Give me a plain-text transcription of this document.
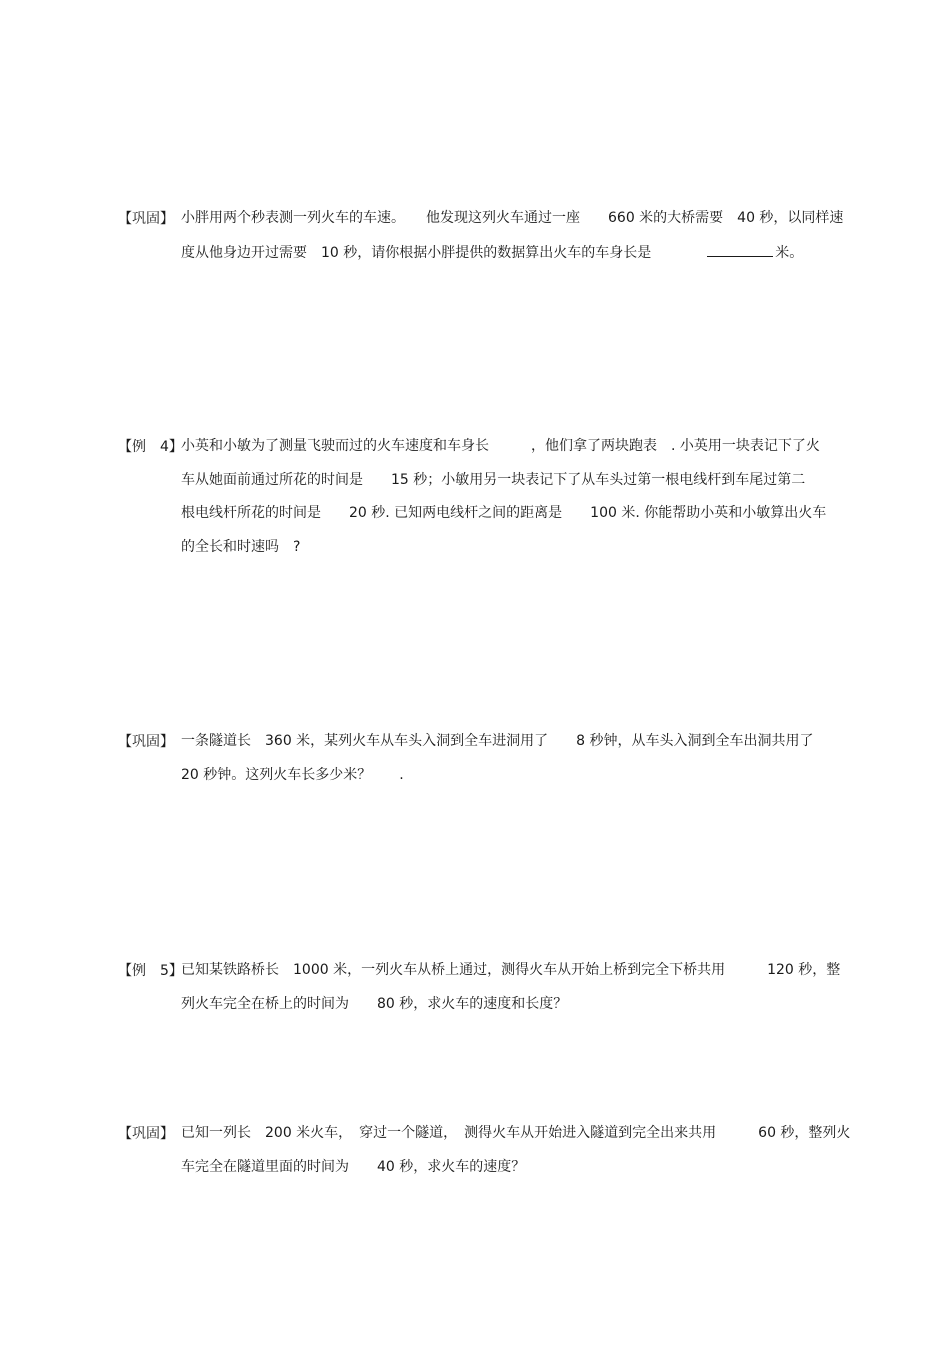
【巩固】 小胖用两个秒表测一列火车的车速。　　他发现这列火车通过一座　　660 米的大桥需要　40 秒，以同样速
度从他身边开过需要　10 秒，请你根据小胖提供的数据算出火车的车身长是　　	米。
【例　4】
小英和小敏为了测量飞驶而过的火车速度和车身长　　　，他们拿了两块跑表　. 小英用一块表记下了火
车从她面前通过所花的时间是　　15 秒；小敏用另一块表记下了从车头过第一根电线杆到车尾过第二
根电线杆所花的时间是　　20 秒. 已知两电线杆之间的距离是　　100 米. 你能帮助小英和小敏算出火车
的全长和时速吗　?
【巩固】 一条隧道长　360 米，某列火车从车头入洞到全车进洞用了　　8 秒钟，从车头入洞到全车出洞共用了
20 秒钟。这列火车长多少米？　　.
【例　5】
已知某铁路桥长　1000 米，一列火车从桥上通过，测得火车从开始上桥到完全下桥共用　　　120 秒，整
列火车完全在桥上的时间为　　80 秒，求火车的速度和长度？
【巩固】 已知一列长　200 米火车，　穿过一个隧道，　测得火车从开始进入隧道到完全出来共用　　　60 秒，整列火
车完全在隧道里面的时间为　　40 秒，求火车的速度？
